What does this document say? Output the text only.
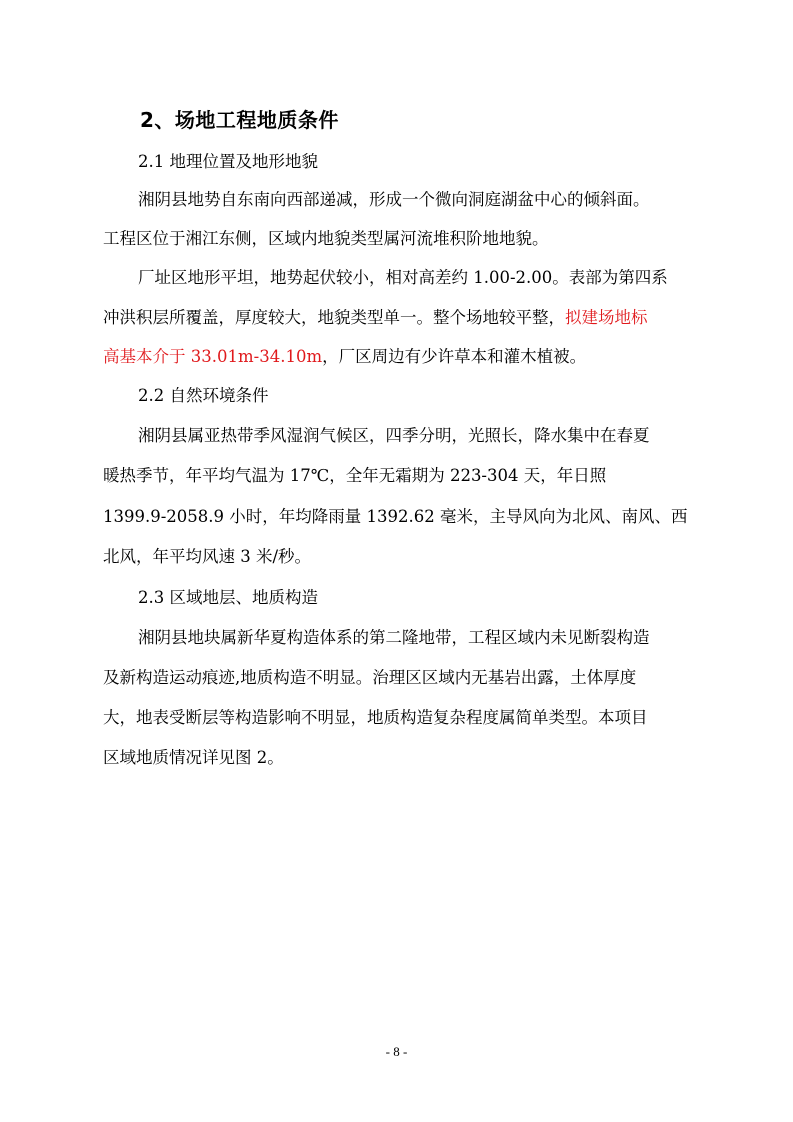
2、场地工程地质条件
2.1 地理位置及地形地貌
湘阴县地势自东南向西部递减，形成一个微向洞庭湖盆中心的倾斜面。
工程区位于湘江东侧，区域内地貌类型属河流堆积阶地地貌。
厂址区地形平坦，地势起伏较小，相对高差约 1.00-2.00。表部为第四系
冲洪积层所覆盖，厚度较大，地貌类型单一。整个场地较平整，拟建场地标
高基本介于 33.01m-34.10m，厂区周边有少许草本和灌木植被。
2.2 自然环境条件
湘阴县属亚热带季风湿润气候区，四季分明，光照长，降水集中在春夏
暖热季节，年平均气温为 17℃，全年无霜期为 223-304 天，年日照
1399.9-2058.9 小时，年均降雨量 1392.62 毫米，主导风向为北风、南风、西
北风，年平均风速 3 米/秒。
2.3 区域地层、地质构造
湘阴县地块属新华夏构造体系的第二隆地带，工程区域内未见断裂构造
及新构造运动痕迹,地质构造不明显。治理区区域内无基岩出露，土体厚度
大，地表受断层等构造影响不明显，地质构造复杂程度属简单类型。本项目
区域地质情况详见图 2。
- 8 -
